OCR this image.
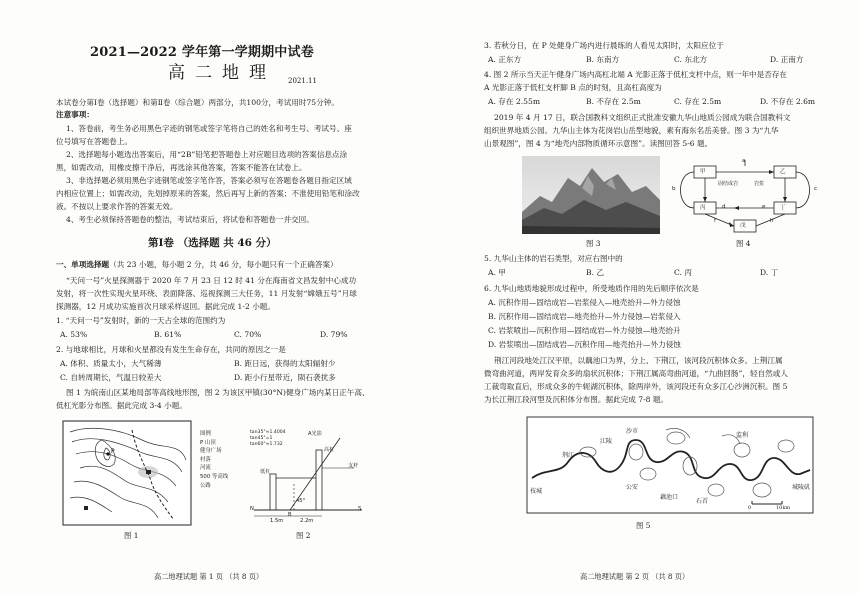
2021—2022 学年第一学期期中试卷
高二地理 2021.11
本试卷分第Ⅰ卷（选择题）和第Ⅱ卷（综合题）两部分，共100分，考试用时75分钟。
注意事项：
1、答卷前，考生务必用黑色字迹的钢笔或签字笔将自己的姓名和考生号、考试号、座
位号填写在答题卷上。
2、选择题每小题选出答案后，用“2B”铅笔把答题卷上对应题目选项的答案信息点涂
黑，如需改动，用橡皮擦干净后，再选涂其他答案，答案不能答在试卷上。
3、非选择题必须用黑色字迹钢笔或签字笔作答，答案必须写在答题卷各题目指定区域
内相应位置上；如需改动，先划掉原来的答案，然后再写上新的答案；不准使用铅笔和涂改
液。不按以上要求作答的答案无效。
4、考生必须保持答题卷的整洁，考试结束后，将试卷和答题卷一并交回。
第Ⅰ卷 （选择题 共 46 分）
一、单项选择题（共 23 小题，每小题 2 分，共 46 分，每小题只有一个正确答案）
“天问一号”火星探测器于 2020 年 7 月 23 日 12 时 41 分在海南省文昌发射中心成功
发射，将一次性实现火星环绕、表面降落、巡视探测三大任务，11 月发射“嫦娥五号”月球
探测器，12 月成功实施首次月球采样返回。据此完成 1-2 小题。
1. “天问一号”发射时，新的一天占全球的范围约为
A. 53%	B. 61%	C. 70%	D. 79%
2. 与地球相比，月球和火星都没有发生生命存在，共同的原因之一是
A. 体积、质量太小，大气稀薄	B. 距日远，获得的太阳辐射少
C. 自转周期长，气温日较差大	D. 距小行星带近，陨石袭扰多
图 1 为皖南山区某地局部等高线地形图，图 2 为该区甲镇(30°N)健身广场内某日正午高、
低杠光影分布图。据此完成 3-4 小题。
P
图例
P 山顶
健身广场
村落
河流
500 等高线
公路
图 1
A光影
高杠
B
支杆
低杠
45°
N	S
2.2m
1.5m
tan35°≈1.4004
tan45°=1
tan60°≈1.732
图 2
高二地理试题 第 1 页 （共 8 页）
3. 若秋分日，在 P 处健身广场内进行晨练的人看见太阳时，太阳应位于
A. 正东方	B. 东南方	C. 东北方	D. 正南方
4. 图 2 所示当天正午健身广场内高杠北端 A 光影正落于低杠支杆中点，则一年中是否存在
A 光影正落于低杠支杆脚 B 点的时刻，且高杠高度为
A. 存在 2.55m	B. 不存在 2.5m	C. 存在 2.5m	D. 不存在 2.6m
2019 年 4 月 17 日，联合国教科文组织正式批准安徽九华山地质公园成为联合国教科文
组织世界地质公园。九华山主体为花岗岩山岳型地貌，素有海东名岳美誉。图 3 为“九华
山景观图”，图 4 为“地壳内部物质循环示意图”。读图回答 5-6 题。
图 3
a
b	c
d	e
f	h
甲	乙
丙	丁
戊
固结成岩	岩浆
图 4
5. 九华山主体的岩石类型，对应右图中的
A. 甲	B. 乙	C. 丙	D. 丁
6. 九华山地质地貌形成过程中，所受地质作用的先后顺序依次是
A. 沉积作用—固结成岩—岩浆侵入—地壳抬升—外力侵蚀
B. 沉积作用—固结成岩—地壳抬升—外力侵蚀—岩浆侵入
C. 岩浆喷出—沉积作用—固结成岩—外力侵蚀—地壳抬升
D. 岩浆喷出—固结成岩—沉积作用—地壳抬升—外力侵蚀
荆江河段地处江汉平原，以藕池口为界，分上、下荆江，该河段沉积体众多。上荆江属
微弯曲河道，两岸发育众多的扇状沉积体；下荆江属高弯曲河道，“九曲回肠”，轻自然或人
工裁弯取直后，形成众多的牛轭湖沉积体，除两岸外，该河段还有众多江心沙洲沉积。图 5
为长江荆江段河型及沉积体分布图。据此完成 7-8 题。
枝城
荆江
江陵
沙市
公安
藕池口
监利
城陵矶
石首
0	10km
图 5
高二地理试题 第 2 页 （共 8 页）
